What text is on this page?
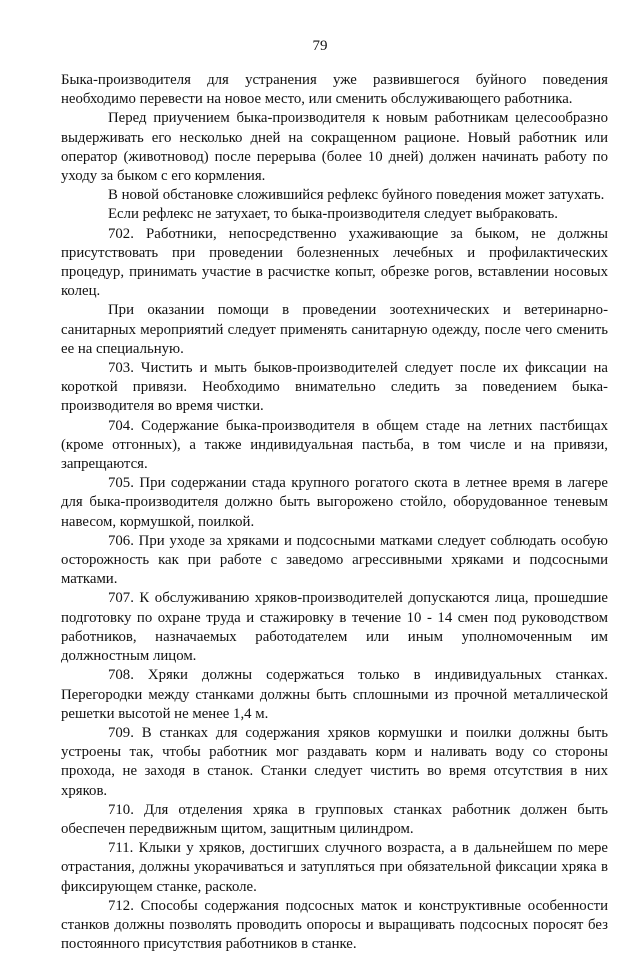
79

Быка-производителя для устранения уже развившегося буйного поведения необходимо перевести на новое место, или сменить обслуживающего работника.

Перед приучением быка-производителя к новым работникам целесообразно выдерживать его несколько дней на сокращенном рационе. Новый работник или оператор (животновод) после перерыва (более 10 дней) должен начинать работу по уходу за быком с его кормления.

В новой обстановке сложившийся рефлекс буйного поведения может затухать.

Если рефлекс не затухает, то быка-производителя следует выбраковать.

702. Работники, непосредственно ухаживающие за быком, не должны присутствовать при проведении болезненных лечебных и профилактических процедур, принимать участие в расчистке копыт, обрезке рогов, вставлении носовых колец.

При оказании помощи в проведении зоотехнических и ветеринарно-санитарных мероприятий следует применять санитарную одежду, после чего сменить ее на специальную.

703. Чистить и мыть быков-производителей следует после их фиксации на короткой привязи. Необходимо внимательно следить за поведением быка-производителя во время чистки.

704. Содержание быка-производителя в общем стаде на летних пастбищах (кроме отгонных), а также индивидуальная пастьба, в том числе и на привязи, запрещаются.

705. При содержании стада крупного рогатого скота в летнее время в лагере для быка-производителя должно быть выгорожено стойло, оборудованное теневым навесом, кормушкой, поилкой.

706. При уходе за хряками и подсосными матками следует соблюдать особую осторожность как при работе с заведомо агрессивными хряками и подсосными матками.

707. К обслуживанию хряков-производителей допускаются лица, прошедшие подготовку по охране труда и стажировку в течение 10 - 14 смен под руководством работников, назначаемых работодателем или иным уполномоченным им должностным лицом.

708. Хряки должны содержаться только в индивидуальных станках. Перегородки между станками должны быть сплошными из прочной металлической решетки высотой не менее 1,4 м.

709. В станках для содержания хряков кормушки и поилки должны быть устроены так, чтобы работник мог раздавать корм и наливать воду со стороны прохода, не заходя в станок. Станки следует чистить во время отсутствия в них хряков.

710. Для отделения хряка в групповых станках работник должен быть обеспечен передвижным щитом, защитным цилиндром.

711. Клыки у хряков, достигших случного возраста, а в дальнейшем по мере отрастания, должны укорачиваться и затупляться при обязательной фиксации хряка в фиксирующем станке, расколе.

712. Способы содержания подсосных маток и конструктивные особенности станков должны позволять проводить опоросы и выращивать подсосных поросят без постоянного присутствия работников в станке.
